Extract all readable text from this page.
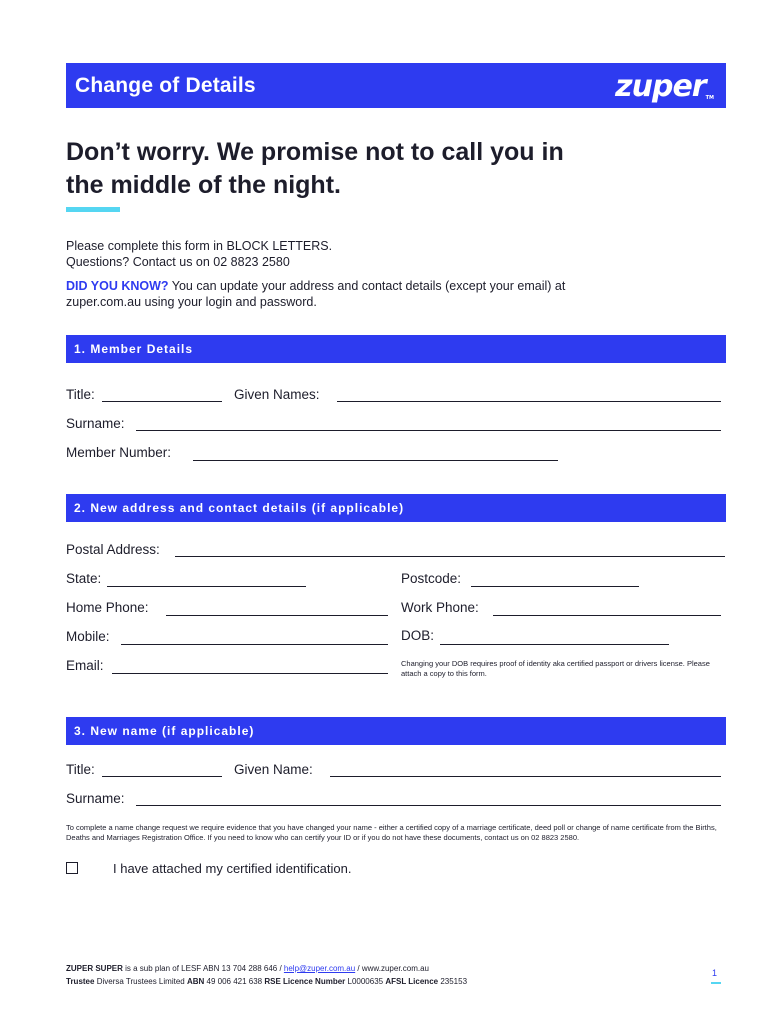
Change of Details	zuper™
Don’t worry. We promise not to call you in the middle of the night.
Please complete this form in BLOCK LETTERS.
Questions? Contact us on 02 8823 2580
DID YOU KNOW? You can update your address and contact details (except your email) at zuper.com.au using your login and password.
1. Member Details
Title:	Given Names:
Surname:
Member Number:
2. New address and contact details (if applicable)
Postal Address:
State:	Postcode:
Home Phone:	Work Phone:
Mobile:	DOB:
Email:	Changing your DOB requires proof of identity aka certified passport or drivers license. Please attach a copy to this form.
3. New name (if applicable)
Title:	Given Name:
Surname:
To complete a name change request we require evidence that you have changed your name - either a certified copy of a marriage certificate, deed poll or change of name certificate from the Births, Deaths and Marriages Registration Office. If you need to know who can certify your ID or if you do not have these documents, contact us on 02 8823 2580.
I have attached my certified identification.
ZUPER SUPER is a sub plan of LESF ABN 13 704 288 646 / help@zuper.com.au / www.zuper.com.au
Trustee Diversa Trustees Limited ABN 49 006 421 638 RSE Licence Number L0000635 AFSL Licence 235153
1
